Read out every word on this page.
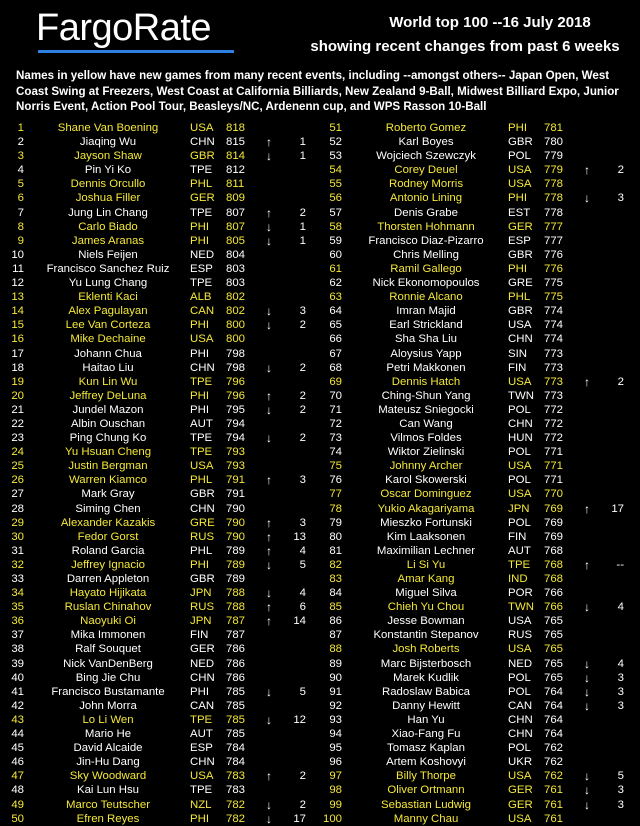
FargoRate	World top 100 --16 July 2018
showing recent changes from past 6 weeks
Names in yellow have new games from many recent events, including --amongst others-- Japan Open, West Coast Swing at Freezers, West Coast at California Billiards, New Zealand 9-Ball, Midwest Billiard Expo, Junior Norris Event, Action Pool Tour, Beasleys/NC, Ardenenn cup, and WPS Rasson 10-Ball
1	Shane Van Boening	USA 818
2	Jiaqing Wu	CHN 815 ↑	1
3	Jayson Shaw	GBR 814 ↓	1
4	Pin Yi Ko	TPE 812
5	Dennis Orcullo	PHL 811
6	Joshua Filler	GER 809
7	Jung Lin Chang	TPE 807 ↑	2
8	Carlo Biado	PHI 807 ↓	1
9	James Aranas	PHI 805 ↓	1
10	Niels Feijen	NED 804
11	Francisco Sanchez Ruiz	ESP 803
12	Yu Lung Chang	TPE 803
13	Eklenti Kaci	ALB 802
14	Alex Pagulayan	CAN 802 ↓	3
15	Lee Van Corteza	PHI 800 ↓	2
16	Mike Dechaine	USA 800
17	Johann Chua	PHI 798
18	Haitao Liu	CHN 798 ↓	2
19	Kun Lin Wu	TPE 796
20	Jeffrey DeLuna	PHI 796 ↑	2
21	Jundel Mazon	PHI 795 ↓	2
22	Albin Ouschan	AUT 794
23	Ping Chung Ko	TPE 794 ↓	2
24	Yu Hsuan Cheng	TPE 793
25	Justin Bergman	USA 793
26	Warren Kiamco	PHL 791 ↑	3
27	Mark Gray	GBR 791
28	Siming Chen	CHN 790
29	Alexander Kazakis	GRE 790 ↑	3
30	Fedor Gorst	RUS 790 ↑	13
31	Roland Garcia	PHL 789 ↑	4
32	Jeffrey Ignacio	PHI 789 ↓	5
33	Darren Appleton	GBR 789
34	Hayato Hijikata	JPN 788 ↓	4
35	Ruslan Chinahov	RUS 788 ↑	6
36	Naoyuki Oi	JPN 787 ↑	14
37	Mika Immonen	FIN 787
38	Ralf Souquet	GER 786
39	Nick VanDenBerg	NED 786
40	Bing Jie Chu	CHN 786
41	Francisco Bustamante	PHI 785 ↓	5
42	John Morra	CAN 785
43	Lo Li Wen	TPE 785 ↓	12
44	Mario He	AUT 785
45	David Alcaide	ESP 784
46	Jin-Hu Dang	CHN 784
47	Sky Woodward	USA 783 ↑	2
48	Kai Lun Hsu	TPE 783
49	Marco Teutscher	NZL 782 ↓	2
50	Efren Reyes	PHI 782 ↓	17
51	Roberto Gomez	PHI 781
52	Karl Boyes	GBR 780
53	Wojciech Szewczyk	POL 779
54	Corey Deuel	USA 779 ↑	2
55	Rodney Morris	USA 778
56	Antonio Lining	PHI 778 ↓	3
57	Denis Grabe	EST 778
58	Thorsten Hohmann	GER 777
59	Francisco Diaz-Pizarro	ESP 777
60	Chris Melling	GBR 776
61	Ramil Gallego	PHI 776
62	Nick Ekonomopoulos	GRE 775
63	Ronnie Alcano	PHL 775
64	Imran Majid	GBR 774
65	Earl Strickland	USA 774
66	Sha Sha Liu	CHN 774
67	Aloysius Yapp	SIN 773
68	Petri Makkonen	FIN 773
69	Dennis Hatch	USA 773 ↑	2
70	Ching-Shun Yang	TWN 773
71	Mateusz Sniegocki	POL 772
72	Can Wang	CHN 772
73	Vilmos Foldes	HUN 772
74	Wiktor Zielinski	POL 771
75	Johnny Archer	USA 771
76	Karol Skowerski	POL 771
77	Oscar Dominguez	USA 770
78	Yukio Akagariyama	JPN 769 ↑	17
79	Mieszko Fortunski	POL 769
80	Kim Laaksonen	FIN 769
81	Maximilian Lechner	AUT 768
82	Li Si Yu	TPE 768 ↑	--
83	Amar Kang	IND 768
84	Miguel Silva	POR 766
85	Chieh Yu Chou	TWN 766 ↓	4
86	Jesse Bowman	USA 765
87	Konstantin Stepanov	RUS 765
88	Josh Roberts	USA 765
89	Marc Bijsterbosch	NED 765 ↓	4
90	Marek Kudlik	POL 765 ↓	3
91	Radoslaw Babica	POL 764 ↓	3
92	Danny Hewitt	CAN 764 ↓	3
93	Han Yu	CHN 764
94	Xiao-Fang Fu	CHN 764
95	Tomasz Kaplan	POL 762
96	Artem Koshovyi	UKR 762
97	Billy Thorpe	USA 762 ↓	5
98	Oliver Ortmann	GER 761 ↓	3
99	Sebastian Ludwig	GER 761 ↓	3
100	Manny Chau	USA 761
